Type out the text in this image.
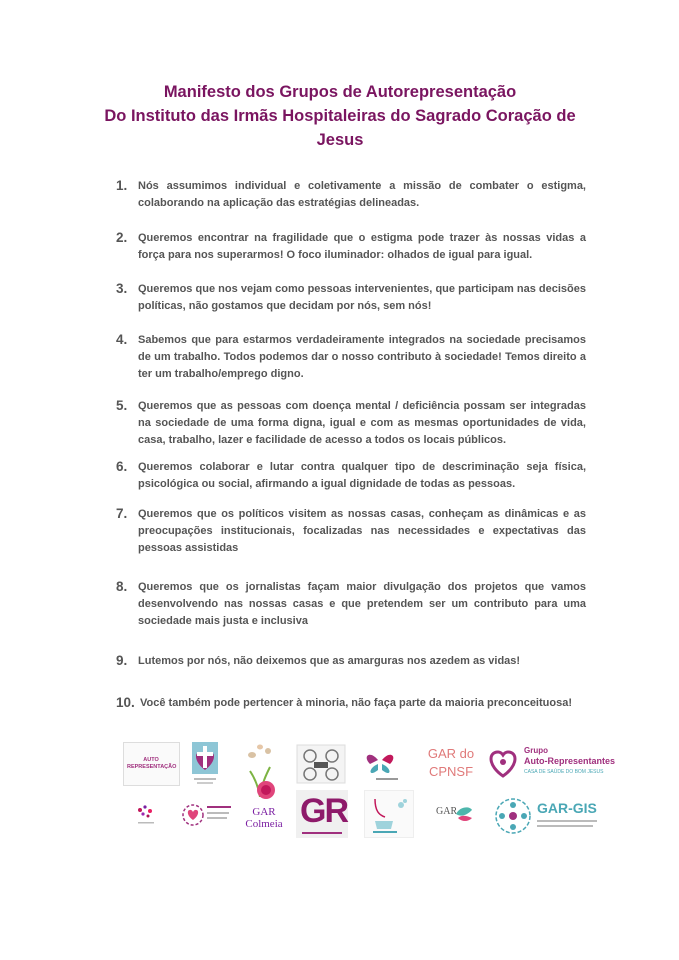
Manifesto dos Grupos de Autorepresentação
Do Instituto das Irmãs Hospitaleiras do Sagrado Coração de
Jesus
1. Nós assumimos individual e coletivamente a missão de combater o estigma, colaborando na aplicação das estratégias delineadas.
2. Queremos encontrar na fragilidade que o estigma pode trazer às nossas vidas a força para nos superarmos! O foco iluminador: olhados de igual para igual.
3. Queremos que nos vejam como pessoas intervenientes, que participam nas decisões políticas, não gostamos que decidam por nós, sem nós!
4. Sabemos que para estarmos verdadeiramente integrados na sociedade precisamos de um trabalho. Todos podemos dar o nosso contributo à sociedade! Temos direito a ter um trabalho/emprego digno.
5. Queremos que as pessoas com doença mental / deficiência possam ser integradas na sociedade de uma forma digna, igual e com as mesmas oportunidades de vida, casa, trabalho, lazer e facilidade de acesso a todos os locais públicos.
6. Queremos colaborar e lutar contra qualquer tipo de descriminação seja física, psicológica ou social, afirmando a igual dignidade de todas as pessoas.
7. Queremos que os políticos visitem as nossas casas, conheçam as dinâmicas e as preocupações institucionais, focalizadas nas necessidades e expectativas das pessoas assistidas
8. Queremos que os jornalistas façam maior divulgação dos projetos que vamos desenvolvendo nas nossas casas e que pretendem ser um contributo para uma sociedade mais justa e inclusiva
9. Lutemos por nós, não deixemos que as amarguras nos azedem as vidas!
10. Você também pode pertencer à minoria, não faça parte da maioria preconceituosa!
AUTO REPRESENTAÇÃO
GAR do
CPNSF
Grupo
Auto-Representantes
CASA DE SAÚDE DO BOM JESUS
GAR
Colmeia GR	GAR	GAR-GIS
